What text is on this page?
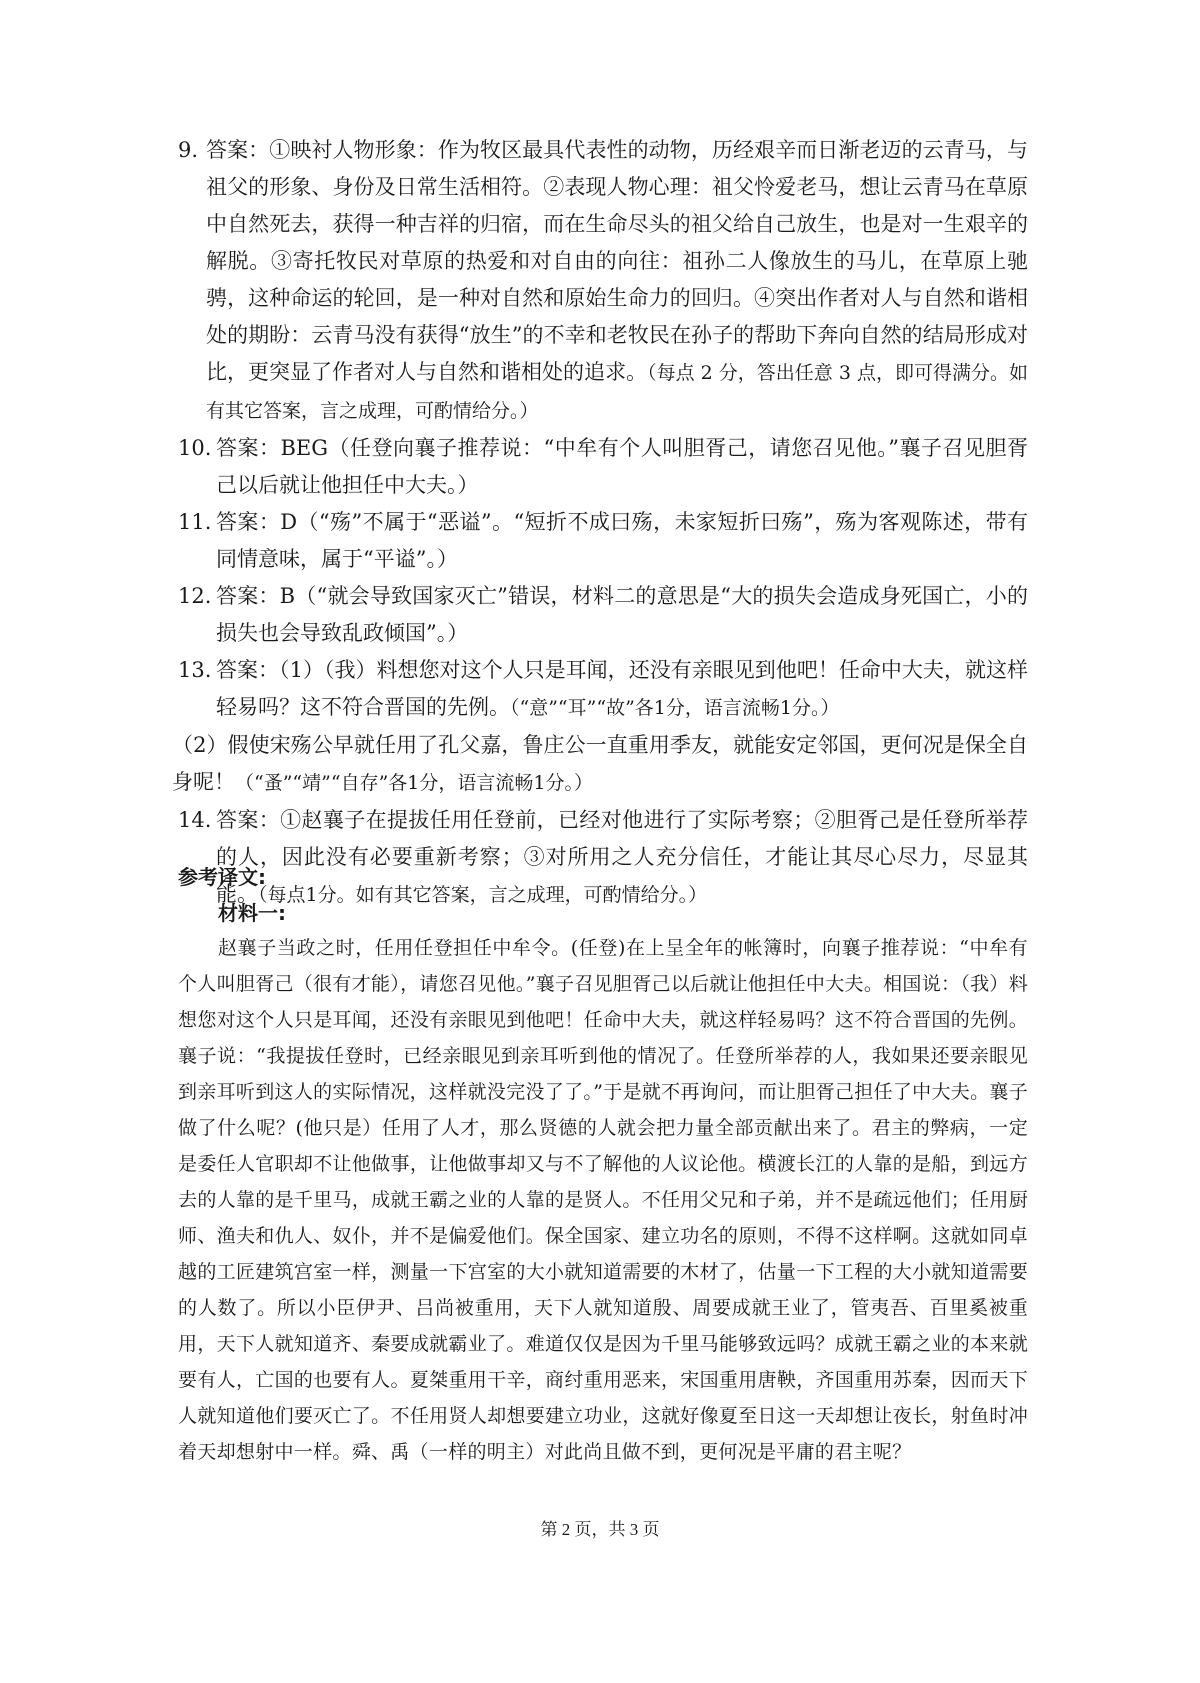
9. 答案：①映衬人物形象：作为牧区最具代表性的动物，历经艰辛而日渐老迈的云青马，与祖父的形象、身份及日常生活相符。②表现人物心理：祖父怜爱老马，想让云青马在草原中自然死去，获得一种吉祥的归宿，而在生命尽头的祖父给自己放生，也是对一生艰辛的解脱。③寄托牧民对草原的热爱和对自由的向往：祖孙二人像放生的马儿，在草原上驰骋，这种命运的轮回，是一种对自然和原始生命力的回归。④突出作者对人与自然和谐相处的期盼：云青马没有获得“放生”的不幸和老牧民在孙子的帮助下奔向自然的结局形成对比，更突显了作者对人与自然和谐相处的追求。（每点 2 分，答出任意 3 点，即可得满分。如有其它答案，言之成理，可酌情给分。）
10. 答案：BEG（任登向襄子推荐说：“中牟有个人叫胆胥己，请您召见他。”襄子召见胆胥己以后就让他担任中大夫。）
11. 答案：D（“殇”不属于“恶谥”。“短折不成曰殇，未家短折曰殇”，殇为客观陈述，带有同情意味，属于“平谥”。）
12. 答案：B（“就会导致国家灭亡”错误，材料二的意思是“大的损失会造成身死国亡，小的损失也会导致乱政倾国”。）
13. 答案：（1）（我）料想您对这个人只是耳闻，还没有亲眼见到他吧！任命中大夫，就这样轻易吗？这不符合晋国的先例。（“意”“耳”“故”各1分，语言流畅1分。）
（2）假使宋殇公早就任用了孔父嘉，鲁庄公一直重用季友，就能安定邻国，更何况是保全自身呢！（“蚤”“靖”“自存”各1分，语言流畅1分。）
14. 答案：①赵襄子在提拔任用任登前，已经对他进行了实际考察；②胆胥己是任登所举荐的人，因此没有必要重新考察；③对所用之人充分信任，才能让其尽心尽力，尽显其能。（每点1分。如有其它答案，言之成理，可酌情给分。）
参考译文:
材料一:
赵襄子当政之时，任用任登担任中牟令。(任登)在上呈全年的帐簿时，向襄子推荐说：“中牟有个人叫胆胥己（很有才能），请您召见他。”襄子召见胆胥己以后就让他担任中大夫。相国说：（我）料想您对这个人只是耳闻，还没有亲眼见到他吧！任命中大夫，就这样轻易吗？这不符合晋国的先例。襄子说：“我提拔任登时，已经亲眼见到亲耳听到他的情况了。任登所举荐的人，我如果还要亲眼见到亲耳听到这人的实际情况，这样就没完没了了。”于是就不再询问，而让胆胥己担任了中大夫。襄子做了什么呢？(他只是）任用了人才，那么贤德的人就会把力量全部贡献出来了。君主的弊病，一定是委任人官职却不让他做事，让他做事却又与不了解他的人议论他。横渡长江的人靠的是船，到远方去的人靠的是千里马，成就王霸之业的人靠的是贤人。不任用父兄和子弟，并不是疏远他们；任用厨师、渔夫和仇人、奴仆，并不是偏爱他们。保全国家、建立功名的原则，不得不这样啊。这就如同卓越的工匠建筑宫室一样，测量一下宫室的大小就知道需要的木材了，估量一下工程的大小就知道需要的人数了。所以小臣伊尹、吕尚被重用，天下人就知道殷、周要成就王业了，管夷吾、百里奚被重用，天下人就知道齐、秦要成就霸业了。难道仅仅是因为千里马能够致远吗？成就王霸之业的本来就要有人，亡国的也要有人。夏桀重用干辛，商纣重用恶来，宋国重用唐鞅，齐国重用苏秦，因而天下人就知道他们要灭亡了。不任用贤人却想要建立功业，这就好像夏至日这一天却想让夜长，射鱼时冲着天却想射中一样。舜、禹（一样的明主）对此尚且做不到，更何况是平庸的君主呢？
第 2 页，共 3 页
